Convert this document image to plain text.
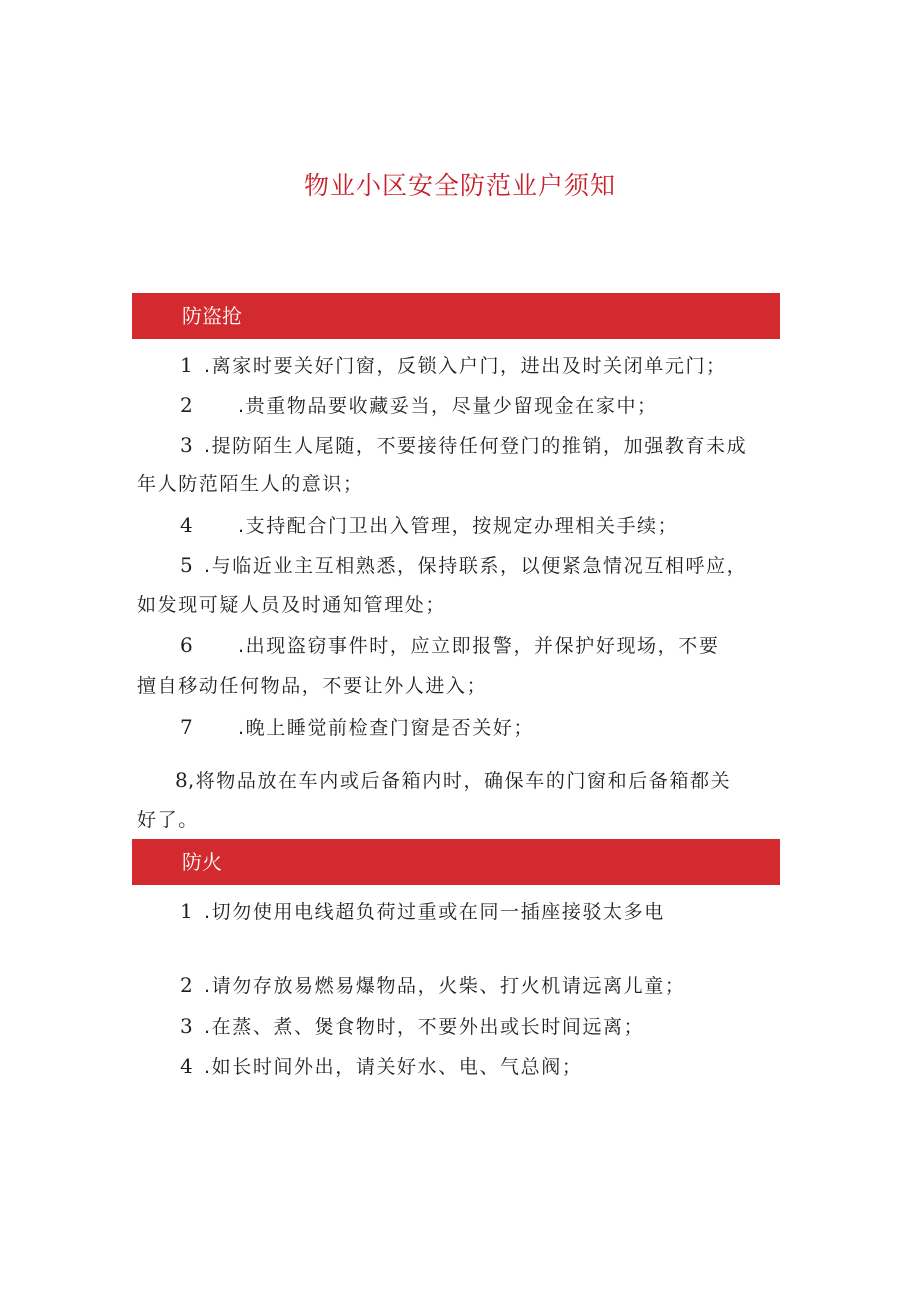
物业小区安全防范业户须知
防盗抢
1 .离家时要关好门窗，反锁入户门，进出及时关闭单元门；
2 .贵重物品要收藏妥当，尽量少留现金在家中；
3 .提防陌生人尾随，不要接待任何登门的推销，加强教育未成
年人防范陌生人的意识；
4 .支持配合门卫出入管理，按规定办理相关手续；
5 .与临近业主互相熟悉，保持联系，以便紧急情况互相呼应，
如发现可疑人员及时通知管理处；
6 .出现盗窃事件时，应立即报警，并保护好现场，不要
擅自移动任何物品，不要让外人进入；
7 .晚上睡觉前检查门窗是否关好；
8,将物品放在车内或后备箱内时，确保车的门窗和后备箱都关
好了。
防火
1 .切勿使用电线超负荷过重或在同一插座接驳太多电
2 .请勿存放易燃易爆物品，火柴、打火机请远离儿童；
3 .在蒸、煮、煲食物时，不要外出或长时间远离；
4 .如长时间外出，请关好水、电、气总阀；
